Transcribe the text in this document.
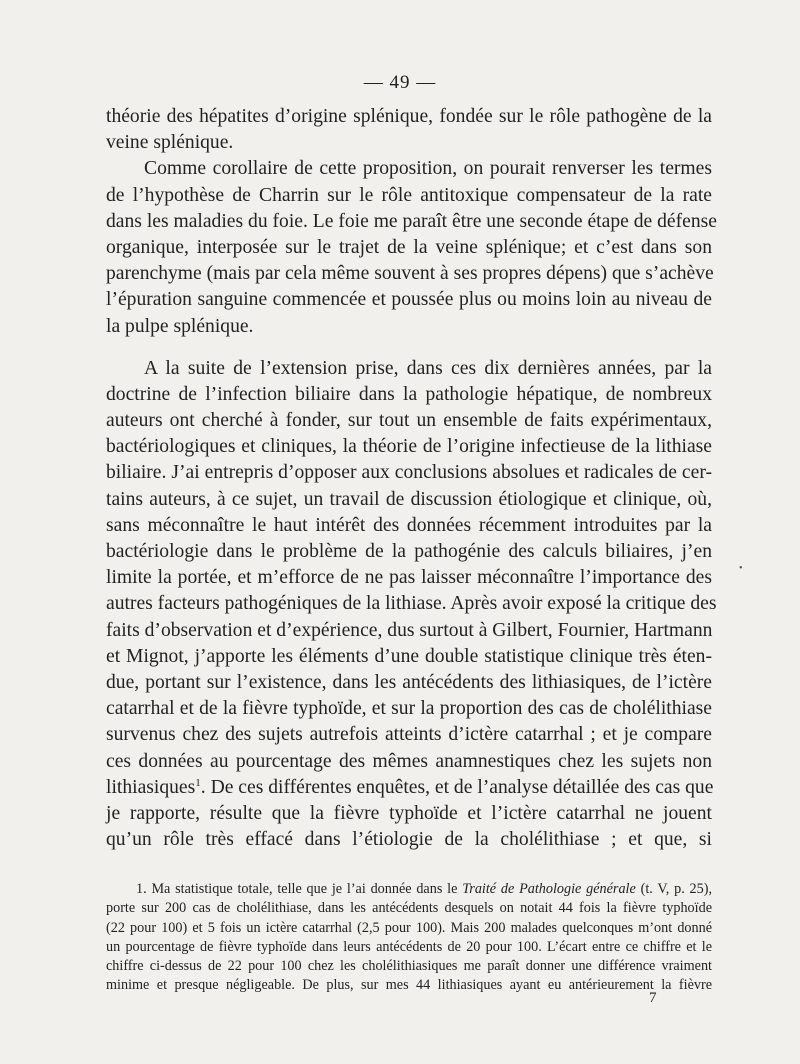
— 49 —
théorie des hépatites d’origine splénique, fondée sur le rôle pathogène de la
veine splénique.
Comme corollaire de cette proposition, on pourait renverser les termes
de l’hypothèse de Charrin sur le rôle antitoxique compensateur de la rate
dans les maladies du foie. Le foie me paraît être une seconde étape de défense
organique, interposée sur le trajet de la veine splénique; et c’est dans son
parenchyme (mais par cela même souvent à ses propres dépens) que s’achève
l’épuration sanguine commencée et poussée plus ou moins loin au niveau de
la pulpe splénique.
A la suite de l’extension prise, dans ces dix dernières années, par la
doctrine de l’infection biliaire dans la pathologie hépatique, de nombreux
auteurs ont cherché à fonder, sur tout un ensemble de faits expérimentaux,
bactériologiques et cliniques, la théorie de l’origine infectieuse de la lithiase
biliaire. J’ai entrepris d’opposer aux conclusions absolues et radicales de cer-
tains auteurs, à ce sujet, un travail de discussion étiologique et clinique, où,
sans méconnaître le haut intérêt des données récemment introduites par la
bactériologie dans le problème de la pathogénie des calculs biliaires, j’en
limite la portée, et m’efforce de ne pas laisser méconnaître l’importance des
autres facteurs pathogéniques de la lithiase. Après avoir exposé la critique des
faits d’observation et d’expérience, dus surtout à Gilbert, Fournier, Hartmann
et Mignot, j’apporte les éléments d’une double statistique clinique très éten-
due, portant sur l’existence, dans les antécédents des lithiasiques, de l’ictère
catarrhal et de la fièvre typhoïde, et sur la proportion des cas de cholélithiase
survenus chez des sujets autrefois atteints d’ictère catarrhal ; et je compare
ces données au pourcentage des mêmes anamnestiques chez les sujets non
lithiasiques$^1$. De ces différentes enquêtes, et de l’analyse détaillée des cas que
je rapporte, résulte que la fièvre typhoïde et l’ictère catarrhal ne jouent
qu’un rôle très effacé dans l’étiologie de la cholélithiase ; et que, si
•
1. Ma statistique totale, telle que je l’ai donnée dans le Traité de Pathologie générale (t. V, p. 25),
porte sur 200 cas de cholélithiase, dans les antécédents desquels on notait 44 fois la fièvre typhoïde
(22 pour 100) et 5 fois un ictère catarrhal (2,5 pour 100). Mais 200 malades quelconques m’ont donné
un pourcentage de fièvre typhoïde dans leurs antécédents de 20 pour 100. L’écart entre ce chiffre et le
chiffre ci-dessus de 22 pour 100 chez les cholélithiasiques me paraît donner une différence vraiment
minime et presque négligeable. De plus, sur mes 44 lithiasiques ayant eu antérieurement la fièvre
7
